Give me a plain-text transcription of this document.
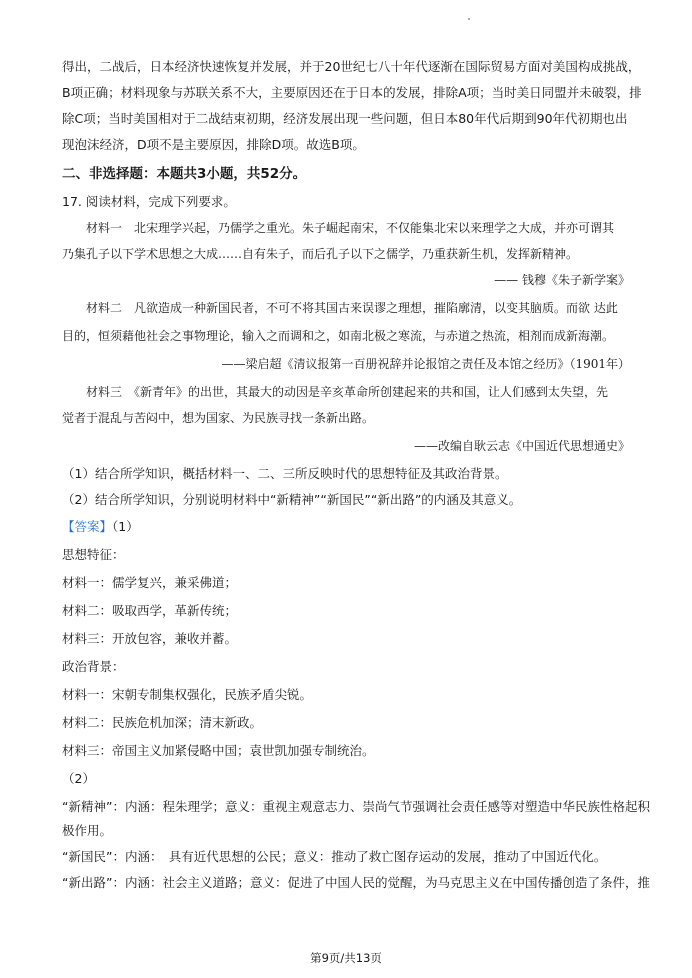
得出，二战后，日本经济快速恢复并发展，并于20世纪七八十年代逐渐在国际贸易方面对美国构成挑战，
B项正确；材料现象与苏联关系不大，主要原因还在于日本的发展，排除A项；当时美日同盟并未破裂，排
除C项；当时美国相对于二战结束初期，经济发展出现一些问题，但日本80年代后期到90年代初期也出
现泡沫经济，D项不是主要原因，排除D项。故选B项。
二、非选择题：本题共3小题，共52分。
17. 阅读材料，完成下列要求。
材料一　北宋理学兴起，乃儒学之重光。朱子崛起南宋，不仅能集北宋以来理学之大成，并亦可谓其
乃集孔子以下学术思想之大成……自有朱子，而后孔子以下之儒学，乃重获新生机，发挥新精神。
—— 钱穆《朱子新学案》
材料二　凡欲造成一种新国民者，不可不将其国古来误谬之理想，摧陷廓清，以变其脑质。而欲 达此
目的，恒须藉他社会之事物理论，输入之而调和之，如南北极之寒流，与赤道之热流，相剂而成新海潮。
——梁启超《清议报第一百册祝辞并论报馆之责任及本馆之经历》（1901年）
材料三　《新青年》的出世，其最大的动因是辛亥革命所创建起来的共和国，让人们感到太失望，先
觉者于混乱与苦闷中，想为国家、为民族寻找一条新出路。
——改编自耿云志《中国近代思想通史》
（1）结合所学知识，概括材料一、二、三所反映时代的思想特征及其政治背景。
（2）结合所学知识，分别说明材料中“新精神”“新国民”“新出路”的内涵及其意义。
【答案】（1）
思想特征：
材料一：儒学复兴，兼采佛道；
材料二：吸取西学，革新传统；
材料三：开放包容，兼收并蓄。
政治背景：
材料一：宋朝专制集权强化，民族矛盾尖锐。
材料二：民族危机加深；清末新政。
材料三：帝国主义加紧侵略中国；袁世凯加强专制统治。
（2）
“新精神”：内涵：程朱理学；意义：重视主观意志力、崇尚气节强调社会责任感等对塑造中华民族性格起积
极作用。
“新国民”：内涵：　具有近代思想的公民；意义：推动了救亡图存运动的发展，推动了中国近代化。
“新出路”：内涵：社会主义道路；意义：促进了中国人民的觉醒，为马克思主义在中国传播创造了条件，推
第9页/共13页
